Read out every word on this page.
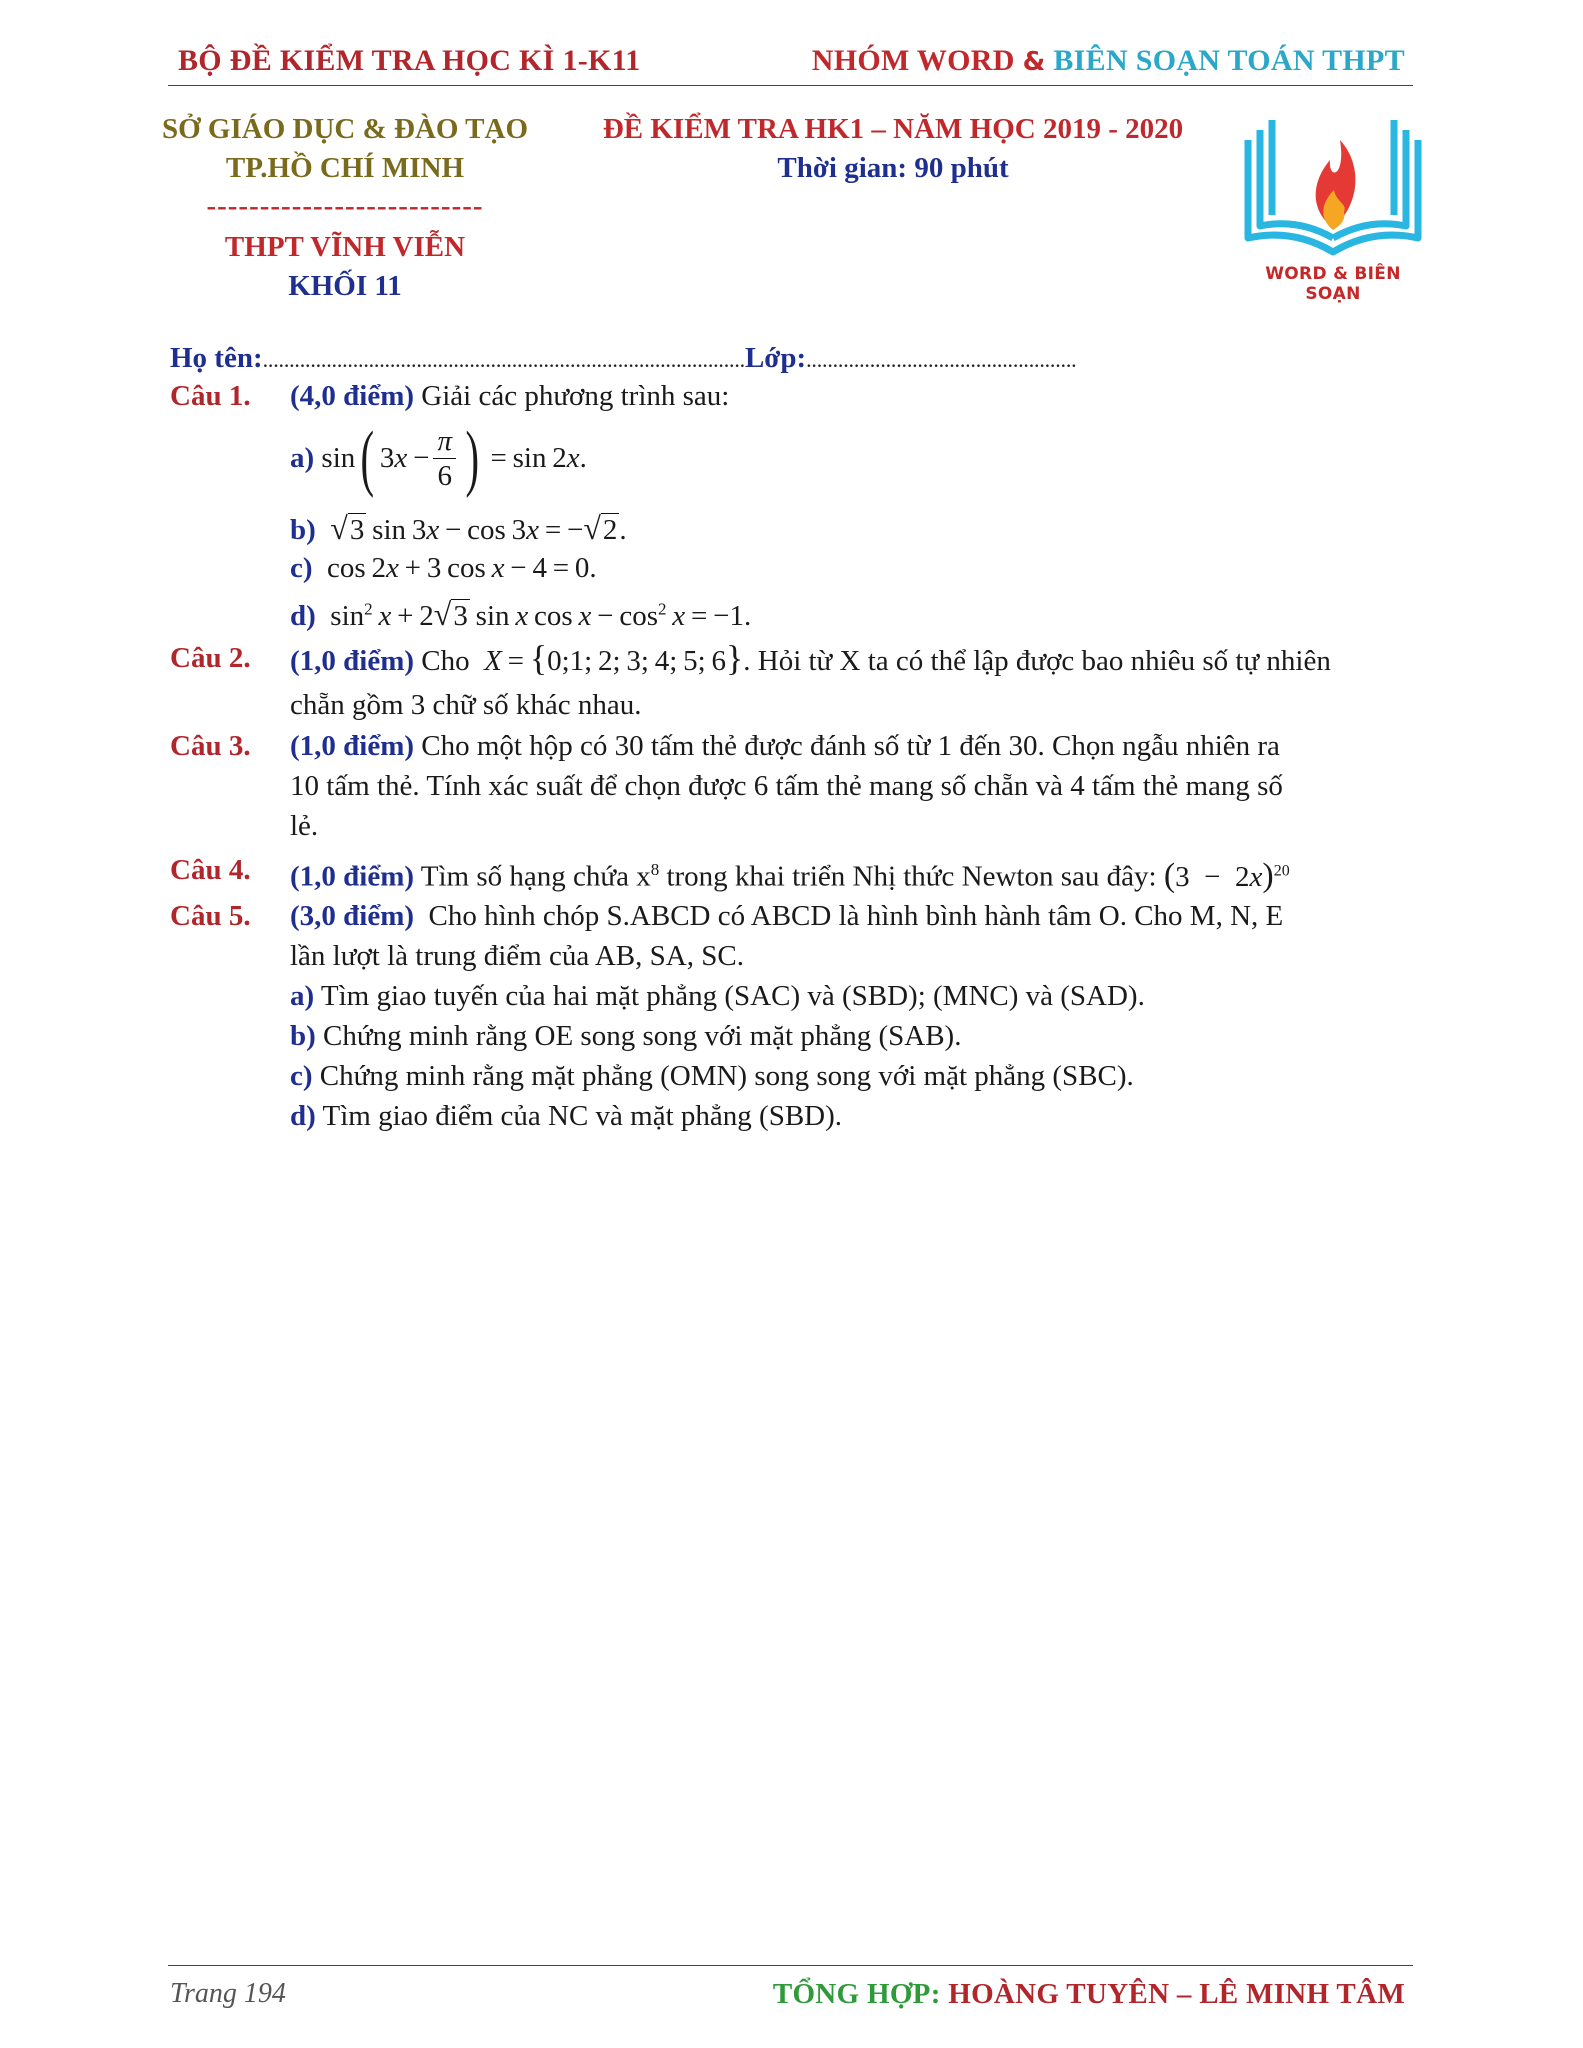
BỘ ĐỀ KIỂM TRA HỌC KÌ 1-K11	NHÓM WORD & BIÊN SOẠN TOÁN THPT
SỞ GIÁO DỤC & ĐÀO TẠO
TP.HỒ CHÍ MINH
--------------------------
THPT VĨNH VIỄN
KHỐI 11
ĐỀ KIỂM TRA HK1 – NĂM HỌC 2019 - 2020
Thời gian: 90 phút
WORD & BIÊN SOẠN
Họ tên:...........................................................................................Lớp:...................................................
Câu 1. (4,0 điểm) Giải các phương trình sau:
a)
sin ( $3x - \frac{\pi}{6}$ )  = sin 2x.
b) √3 sin 3x − cos 3x = −√2.
c)  cos 2x + 3 cos x − 4 = 0.
d)  $\sin^2 x + 2√3$ sin x $\cos x - \cos^2 x = -1$.
Câu 2. (1,0 điểm) Cho X = {0;1; 2; 3; 4; 5; 6}. Hỏi từ X ta có thể lập được bao nhiêu số tự nhiên
chẵn gồm 3 chữ số khác nhau.
Câu 3. (1,0 điểm) Cho một hộp có 30 tấm thẻ được đánh số từ 1 đến 30. Chọn ngẫu nhiên ra
10 tấm thẻ. Tính xác suất để chọn được 6 tấm thẻ mang số chẵn và 4 tấm thẻ mang số
lẻ.
Câu 4. (1,0 điểm) Tìm số hạng chứa $x^8$ trong khai triển Nhị thức Newton sau đây: $(3 - 2x)^{20}$
Câu 5. (3,0 điểm) Cho hình chóp S.ABCD có ABCD là hình bình hành tâm O. Cho M, N, E
lần lượt là trung điểm của AB, SA, SC.
a) Tìm giao tuyến của hai mặt phẳng (SAC) và (SBD); (MNC) và (SAD).
b) Chứng minh rằng OE song song với mặt phẳng (SAB).
c) Chứng minh rằng mặt phẳng (OMN) song song với mặt phẳng (SBC).
d) Tìm giao điểm của NC và mặt phẳng (SBD).
Trang 194	TỔNG HỢP: HOÀNG TUYÊN – LÊ MINH TÂM
